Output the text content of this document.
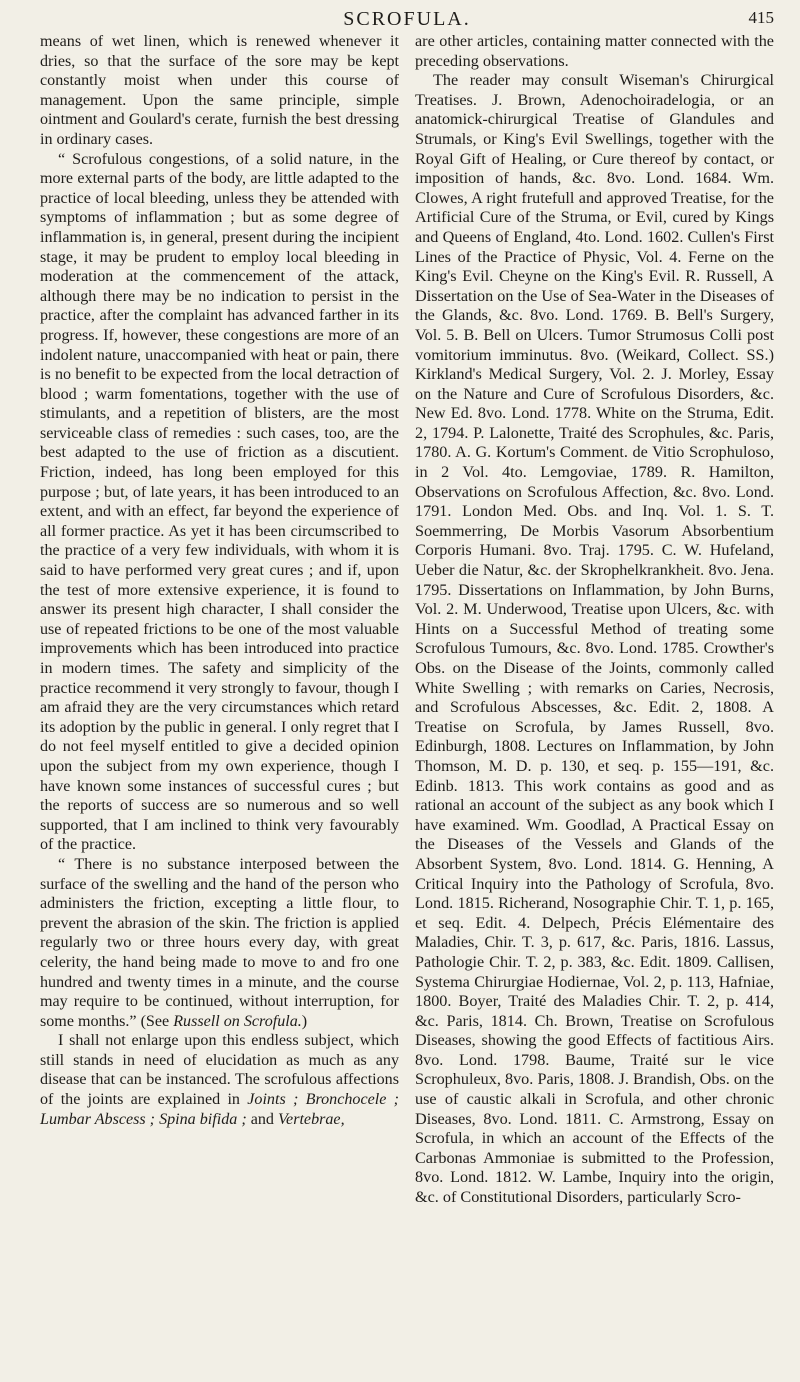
SCROFULA.	415

means of wet linen, which is renewed whenever it dries, so that the surface of the sore may be kept constantly moist when under this course of management. Upon the same principle, simple ointment and Goulard's cerate, furnish the best dressing in ordinary cases.

“ Scrofulous congestions, of a solid nature, in the more external parts of the body, are little adapted to the practice of local bleeding, unless they be attended with symptoms of inflammation ; but as some degree of inflammation is, in general, present during the incipient stage, it may be prudent to employ local bleeding in moderation at the commencement of the attack, although there may be no indication to persist in the practice, after the complaint has advanced farther in its progress. If, however, these congestions are more of an indolent nature, unaccompanied with heat or pain, there is no benefit to be expected from the local detraction of blood ; warm fomentations, together with the use of stimulants, and a repetition of blisters, are the most serviceable class of remedies : such cases, too, are the best adapted to the use of friction as a discutient. Friction, indeed, has long been employed for this purpose ; but, of late years, it has been introduced to an extent, and with an effect, far beyond the experience of all former practice. As yet it has been circumscribed to the practice of a very few individuals, with whom it is said to have performed very great cures ; and if, upon the test of more extensive experience, it is found to answer its present high character, I shall consider the use of repeated frictions to be one of the most valuable improvements which has been introduced into practice in modern times. The safety and simplicity of the practice recommend it very strongly to favour, though I am afraid they are the very circumstances which retard its adoption by the public in general. I only regret that I do not feel myself entitled to give a decided opinion upon the subject from my own experience, though I have known some instances of successful cures ; but the reports of success are so numerous and so well supported, that I am inclined to think very favourably of the practice.

“ There is no substance interposed between the surface of the swelling and the hand of the person who administers the friction, excepting a little flour, to prevent the abrasion of the skin. The friction is applied regularly two or three hours every day, with great celerity, the hand being made to move to and fro one hundred and twenty times in a minute, and the course may require to be continued, without interruption, for some months.” (See Russell on Scrofula.)

I shall not enlarge upon this endless subject, which still stands in need of elucidation as much as any disease that can be instanced. The scrofulous affections of the joints are explained in Joints ; Bronchocele ; Lumbar Abscess ; Spina bifida ; and Vertebrae,

are other articles, containing matter connected with the preceding observations.

The reader may consult Wiseman's Chirurgical Treatises. J. Brown, Adenochoiradelogia, or an anatomick-chirurgical Treatise of Glandules and Strumals, or King's Evil Swellings, together with the Royal Gift of Healing, or Cure thereof by contact, or imposition of hands, &c. 8vo. Lond. 1684. Wm. Clowes, A right frutefull and approved Treatise, for the Artificial Cure of the Struma, or Evil, cured by Kings and Queens of England, 4to. Lond. 1602. Cullen's First Lines of the Practice of Physic, Vol. 4. Ferne on the King's Evil. Cheyne on the King's Evil. R. Russell, A Dissertation on the Use of Sea-Water in the Diseases of the Glands, &c. 8vo. Lond. 1769. B. Bell's Surgery, Vol. 5. B. Bell on Ulcers. Tumor Strumosus Colli post vomitorium imminutus. 8vo. (Weikard, Collect. SS.) Kirkland's Medical Surgery, Vol. 2. J. Morley, Essay on the Nature and Cure of Scrofulous Disorders, &c. New Ed. 8vo. Lond. 1778. White on the Struma, Edit. 2, 1794. P. Lalonette, Traité des Scrophules, &c. Paris, 1780. A. G. Kortum's Comment. de Vitio Scrophuloso, in 2 Vol. 4to. Lemgoviae, 1789. R. Hamilton, Observations on Scrofulous Affection, &c. 8vo. Lond. 1791. London Med. Obs. and Inq. Vol. 1. S. T. Soemmerring, De Morbis Vasorum Absorbentium Corporis Humani. 8vo. Traj. 1795. C. W. Hufeland, Ueber die Natur, &c. der Skrophelkrankheit. 8vo. Jena. 1795. Dissertations on Inflammation, by John Burns, Vol. 2. M. Underwood, Treatise upon Ulcers, &c. with Hints on a Successful Method of treating some Scrofulous Tumours, &c. 8vo. Lond. 1785. Crowther's Obs. on the Disease of the Joints, commonly called White Swelling ; with remarks on Caries, Necrosis, and Scrofulous Abscesses, &c. Edit. 2, 1808. A Treatise on Scrofula, by James Russell, 8vo. Edinburgh, 1808. Lectures on Inflammation, by John Thomson, M. D. p. 130, et seq. p. 155—191, &c. Edinb. 1813. This work contains as good and as rational an account of the subject as any book which I have examined. Wm. Goodlad, A Practical Essay on the Diseases of the Vessels and Glands of the Absorbent System, 8vo. Lond. 1814. G. Henning, A Critical Inquiry into the Pathology of Scrofula, 8vo. Lond. 1815. Richerand, Nosographie Chir. T. 1, p. 165, et seq. Edit. 4. Delpech, Précis Elémentaire des Maladies, Chir. T. 3, p. 617, &c. Paris, 1816. Lassus, Pathologie Chir. T. 2, p. 383, &c. Edit. 1809. Callisen, Systema Chirurgiae Hodiernae, Vol. 2, p. 113, Hafniae, 1800. Boyer, Traité des Maladies Chir. T. 2, p. 414, &c. Paris, 1814. Ch. Brown, Treatise on Scrofulous Diseases, showing the good Effects of factitious Airs. 8vo. Lond. 1798. Baume, Traité sur le vice Scrophuleux, 8vo. Paris, 1808. J. Brandish, Obs. on the use of caustic alkali in Scrofula, and other chronic Diseases, 8vo. Lond. 1811. C. Armstrong, Essay on Scrofula, in which an account of the Effects of the Carbonas Ammoniae is submitted to the Profession, 8vo. Lond. 1812. W. Lambe, Inquiry into the origin, &c. of Constitutional Disorders, particularly Scro-
